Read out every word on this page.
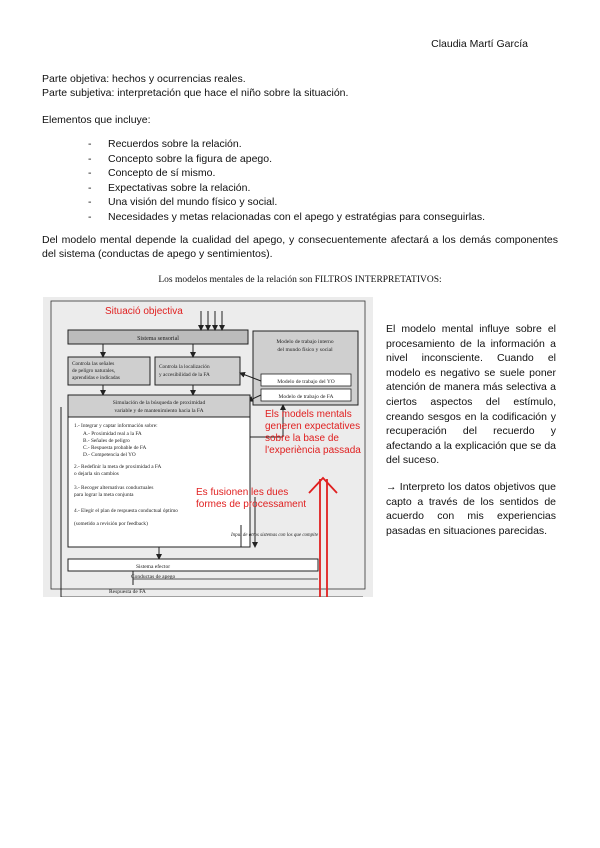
Claudia Martí García

Parte objetiva: hechos y ocurrencias reales.

Parte subjetiva: interpretación que hace el niño sobre la situación.

Elementos que incluye:

- Recuerdos sobre la relación.
- Concepto sobre la figura de apego.
- Concepto de sí mismo.
- Expectativas sobre la relación.
- Una visión del mundo físico y social.
- Necesidades y metas relacionadas con el apego y estratégias para conseguirlas.

Del modelo mental depende la cualidad del apego, y consecuentemente afectará a los demás componentes del sistema (conductas de apego y sentimientos).

Los modelos mentales de la relación son FILTROS INTERPRETATIVOS:
Sistema sensorial	Modelo de trabajo interno
del mundo físico y social
Modelo de trabajo del YO
Modelo de trabajo de FA
Controla las señales
de peligro naturales,
aprendidas e indicadas
Controla la localización
y accesibilidad de la FA
Simulación de la búsqueda de proximidad
variable y de mantenimiento hacia la FA
1.- Integrar y captar información sobre:
A.- Proximidad real a la FA
B.- Señales de peligro
C.- Respuesta probable de FA
D.- Competencia del YO
2.- Redefinir la meta de proximidad a FA
o dejarla sin cambios
3.- Recoger alternativas conductuales
para lograr la meta conjunta
4.- Elegir el plan de respuesta conductual óptimo
(sometido a revisión por feedback)
Input de otros sistemas con los que compite
Sistema efector
Conductas de apego
Respuesta de FA
Situació objectiva
Els models mentals
generen expectatives
sobre la base de
l'experiència passada
Es fusionen les dues
formes de processament

El modelo mental influye sobre el procesamiento de la información a nivel inconsciente. Cuando el modelo es negativo se suele poner atención de manera más selectiva a ciertos aspectos del estímulo, creando sesgos en la codificación y recuperación del recuerdo y afectando a la explicación que se da del suceso.

→ Interpreto los datos objetivos que capto a través de los sentidos de acuerdo con mis experiencias pasadas en situaciones parecidas.
